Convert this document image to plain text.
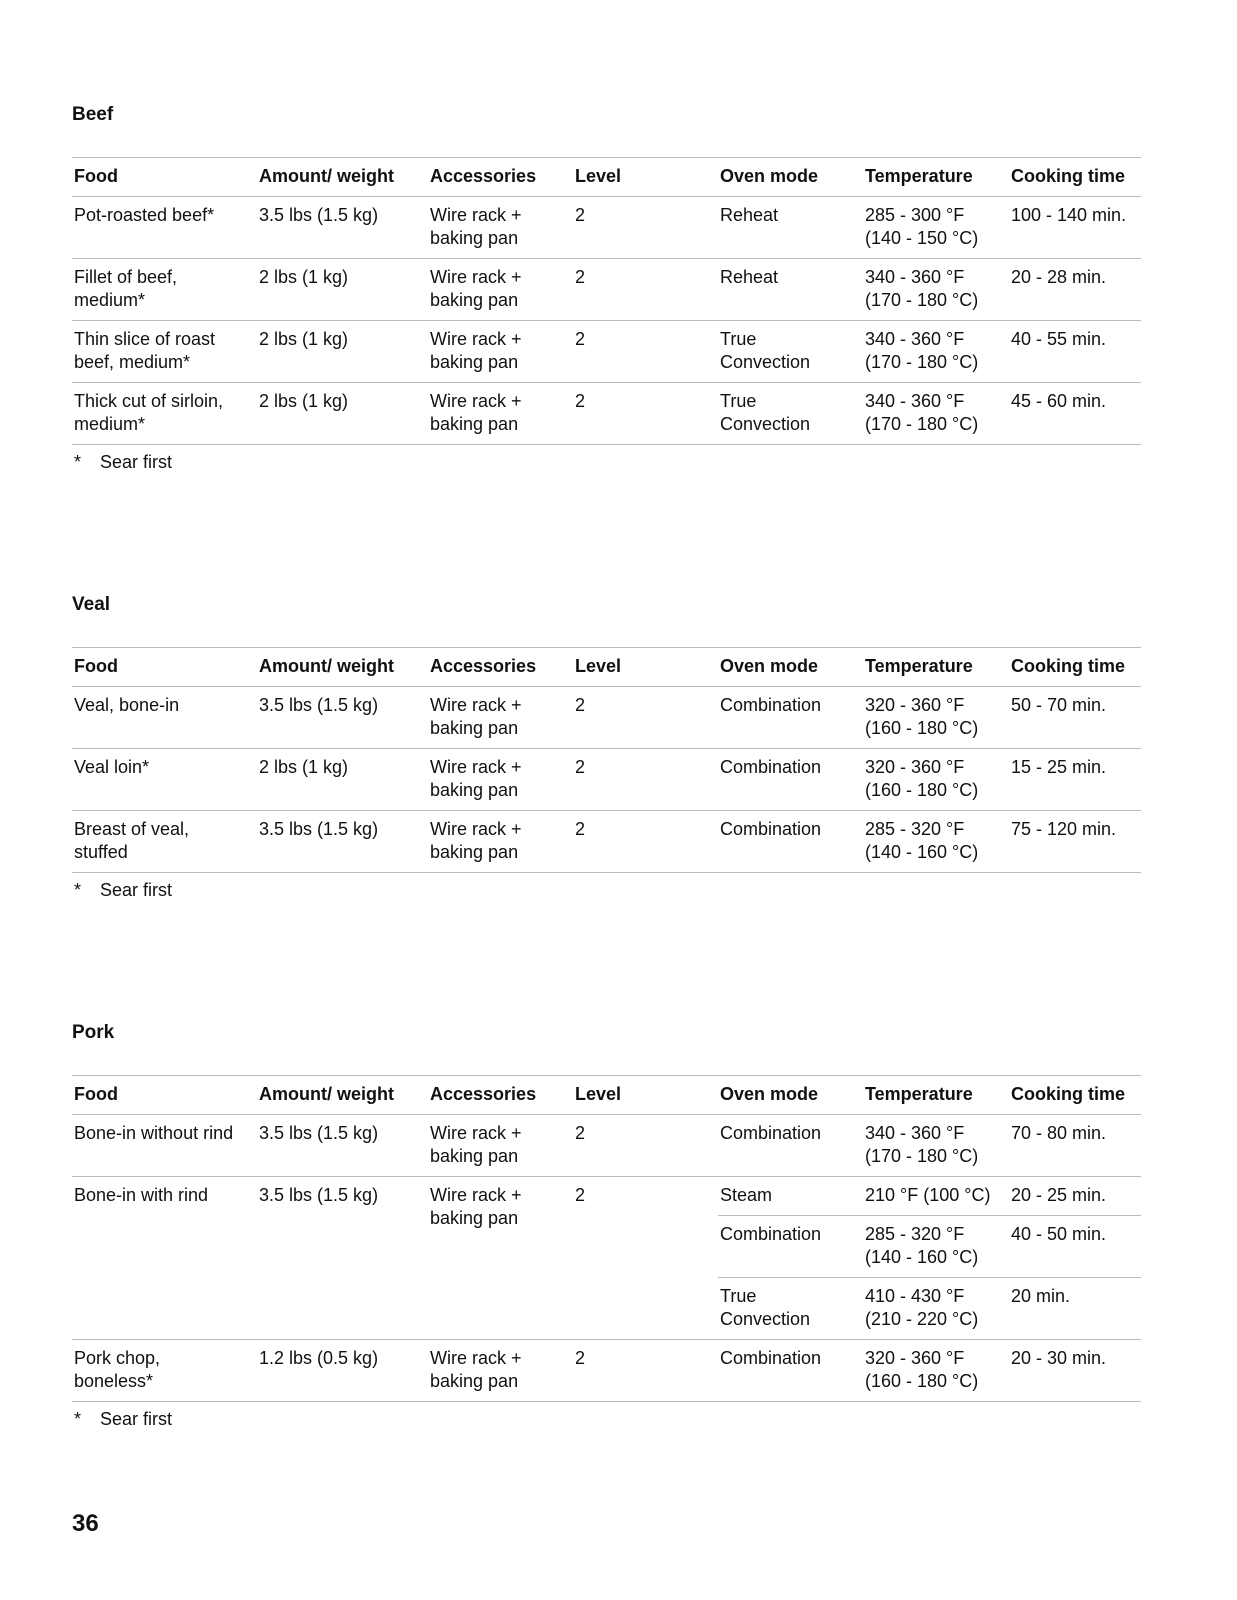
Beef
Food	Amount/ weight	Accessories	Level	Oven mode	Temperature	Cooking time
Pot-roasted beef*	3.5 lbs (1.5 kg)	Wire rack + baking pan	2	Reheat	285 - 300 °F (140 - 150 °C)	100 - 140 min.
Fillet of beef, medium*	2 lbs (1 kg)	Wire rack + baking pan	2	Reheat	340 - 360 °F (170 - 180 °C)	20 - 28 min.
Thin slice of roast beef, medium*	2 lbs (1 kg)	Wire rack + baking pan	2	True Convection	340 - 360 °F (170 - 180 °C)	40 - 55 min.
Thick cut of sirloin, medium*	2 lbs (1 kg)	Wire rack + baking pan	2	True Convection	340 - 360 °F (170 - 180 °C)	45 - 60 min.
* Sear first
Veal
Food	Amount/ weight	Accessories	Level	Oven mode	Temperature	Cooking time
Veal, bone-in	3.5 lbs (1.5 kg)	Wire rack + baking pan	2	Combination	320 - 360 °F (160 - 180 °C)	50 - 70 min.
Veal loin*	2 lbs (1 kg)	Wire rack + baking pan	2	Combination	320 - 360 °F (160 - 180 °C)	15 - 25 min.
Breast of veal, stuffed	3.5 lbs (1.5 kg)	Wire rack + baking pan	2	Combination	285 - 320 °F (140 - 160 °C)	75 - 120 min.
* Sear first
Pork
Food	Amount/ weight	Accessories	Level	Oven mode	Temperature	Cooking time
Bone-in without rind	3.5 lbs (1.5 kg)	Wire rack + baking pan	2	Combination	340 - 360 °F (170 - 180 °C)	70 - 80 min.
Bone-in with rind	3.5 lbs (1.5 kg)	Wire rack + baking pan	2	Steam	210 °F (100 °C)	20 - 25 min.
				Combination	285 - 320 °F (140 - 160 °C)	40 - 50 min.
				True Convection	410 - 430 °F (210 - 220 °C)	20 min.
Pork chop, boneless*	1.2 lbs (0.5 kg)	Wire rack + baking pan	2	Combination	320 - 360 °F (160 - 180 °C)	20 - 30 min.
* Sear first
36
